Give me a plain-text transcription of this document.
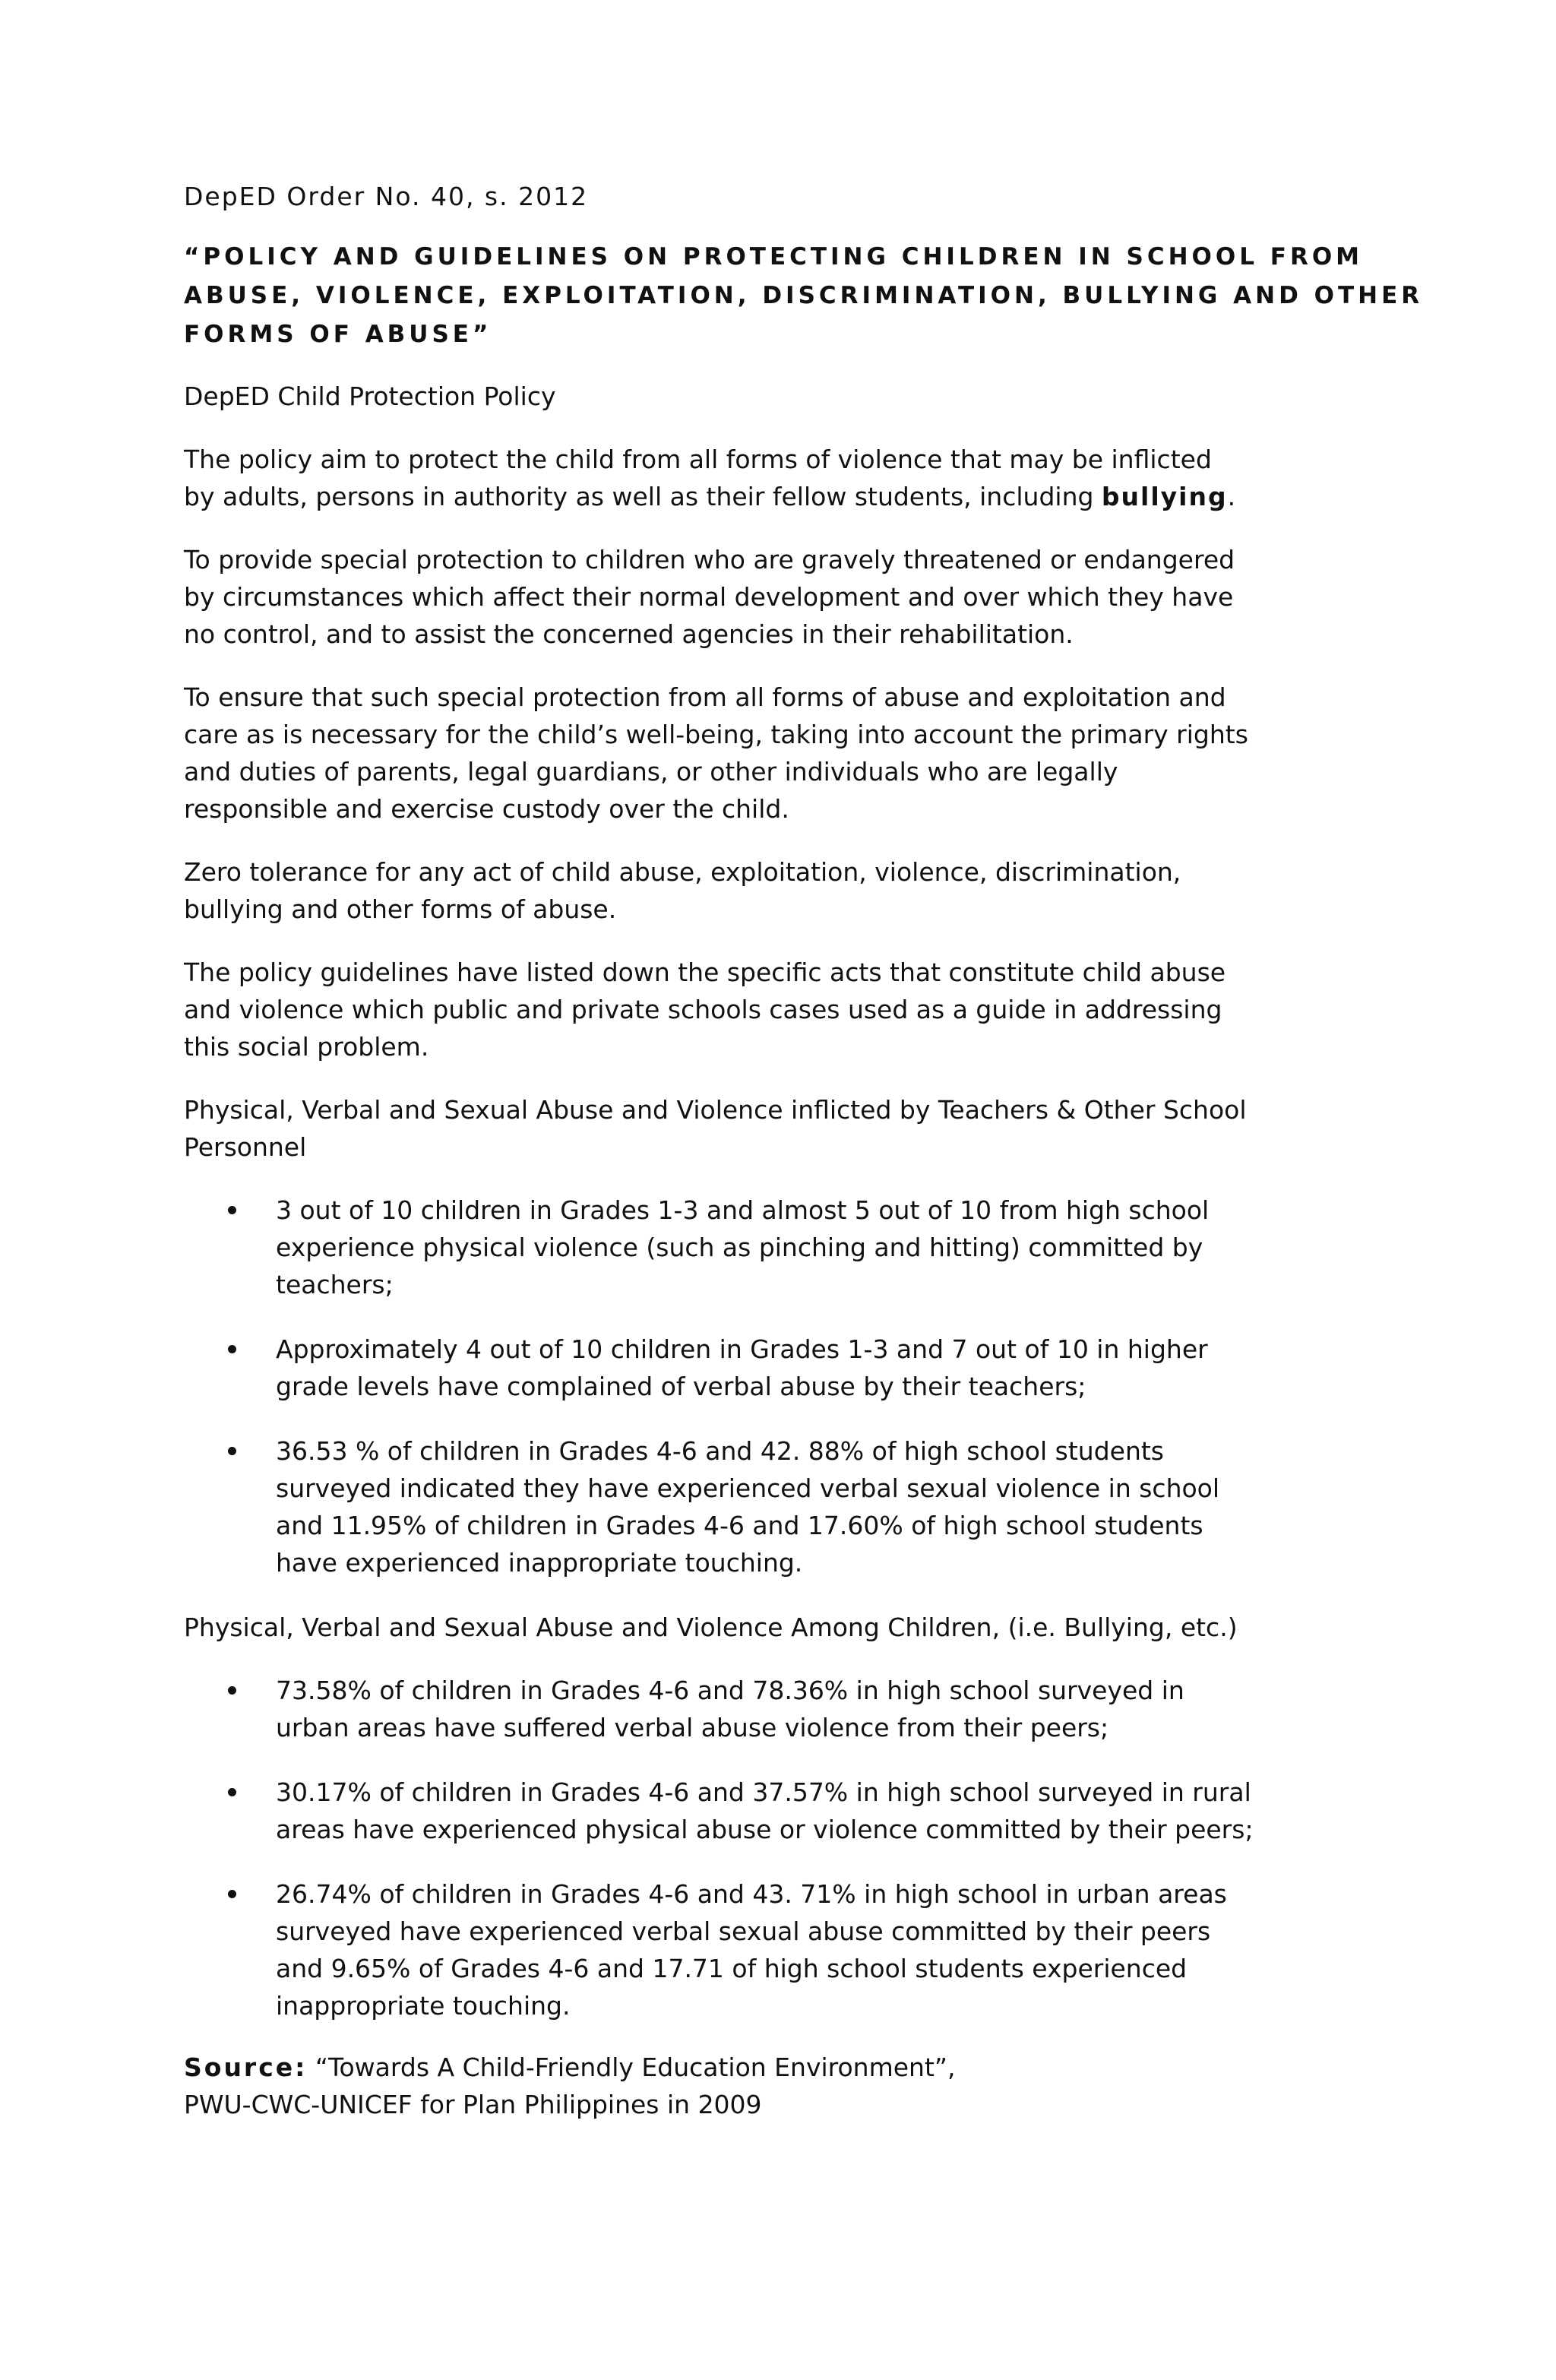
DepED Order No. 40, s. 2012
“POLICY AND GUIDELINES ON PROTECTING CHILDREN IN SCHOOL FROM
ABUSE, VIOLENCE, EXPLOITATION, DISCRIMINATION, BULLYING AND OTHER
FORMS OF ABUSE”
DepED Child Protection Policy

The policy aim to protect the child from all forms of violence that may be inflicted
by adults, persons in authority as well as their fellow students, including bullying.

To provide special protection to children who are gravely threatened or endangered
by circumstances which affect their normal development and over which they have
no control, and to assist the concerned agencies in their rehabilitation.

To ensure that such special protection from all forms of abuse and exploitation and
care as is necessary for the child’s well-being, taking into account the primary rights
and duties of parents, legal guardians, or other individuals who are legally
responsible and exercise custody over the child.

Zero tolerance for any act of child abuse, exploitation, violence, discrimination,
bullying and other forms of abuse.

The policy guidelines have listed down the specific acts that constitute child abuse
and violence which public and private schools cases used as a guide in addressing
this social problem.

Physical, Verbal and Sexual Abuse and Violence inflicted by Teachers & Other School
Personnel

3 out of 10 children in Grades 1-3 and almost 5 out of 10 from high school
experience physical violence (such as pinching and hitting) committed by
teachers;
Approximately 4 out of 10 children in Grades 1-3 and 7 out of 10 in higher
grade levels have complained of verbal abuse by their teachers;
36.53 % of children in Grades 4-6 and 42. 88% of high school students
surveyed indicated they have experienced verbal sexual violence in school
and 11.95% of children in Grades 4-6 and 17.60% of high school students
have experienced inappropriate touching.

Physical, Verbal and Sexual Abuse and Violence Among Children, (i.e. Bullying, etc.)

73.58% of children in Grades 4-6 and 78.36% in high school surveyed in
urban areas have suffered verbal abuse violence from their peers;
30.17% of children in Grades 4-6 and 37.57% in high school surveyed in rural
areas have experienced physical abuse or violence committed by their peers;
26.74% of children in Grades 4-6 and 43. 71% in high school in urban areas
surveyed have experienced verbal sexual abuse committed by their peers
and 9.65% of Grades 4-6 and 17.71 of high school students experienced
inappropriate touching.
Source: “Towards A Child-Friendly Education Environment”,
PWU-CWC-UNICEF for Plan Philippines in 2009
